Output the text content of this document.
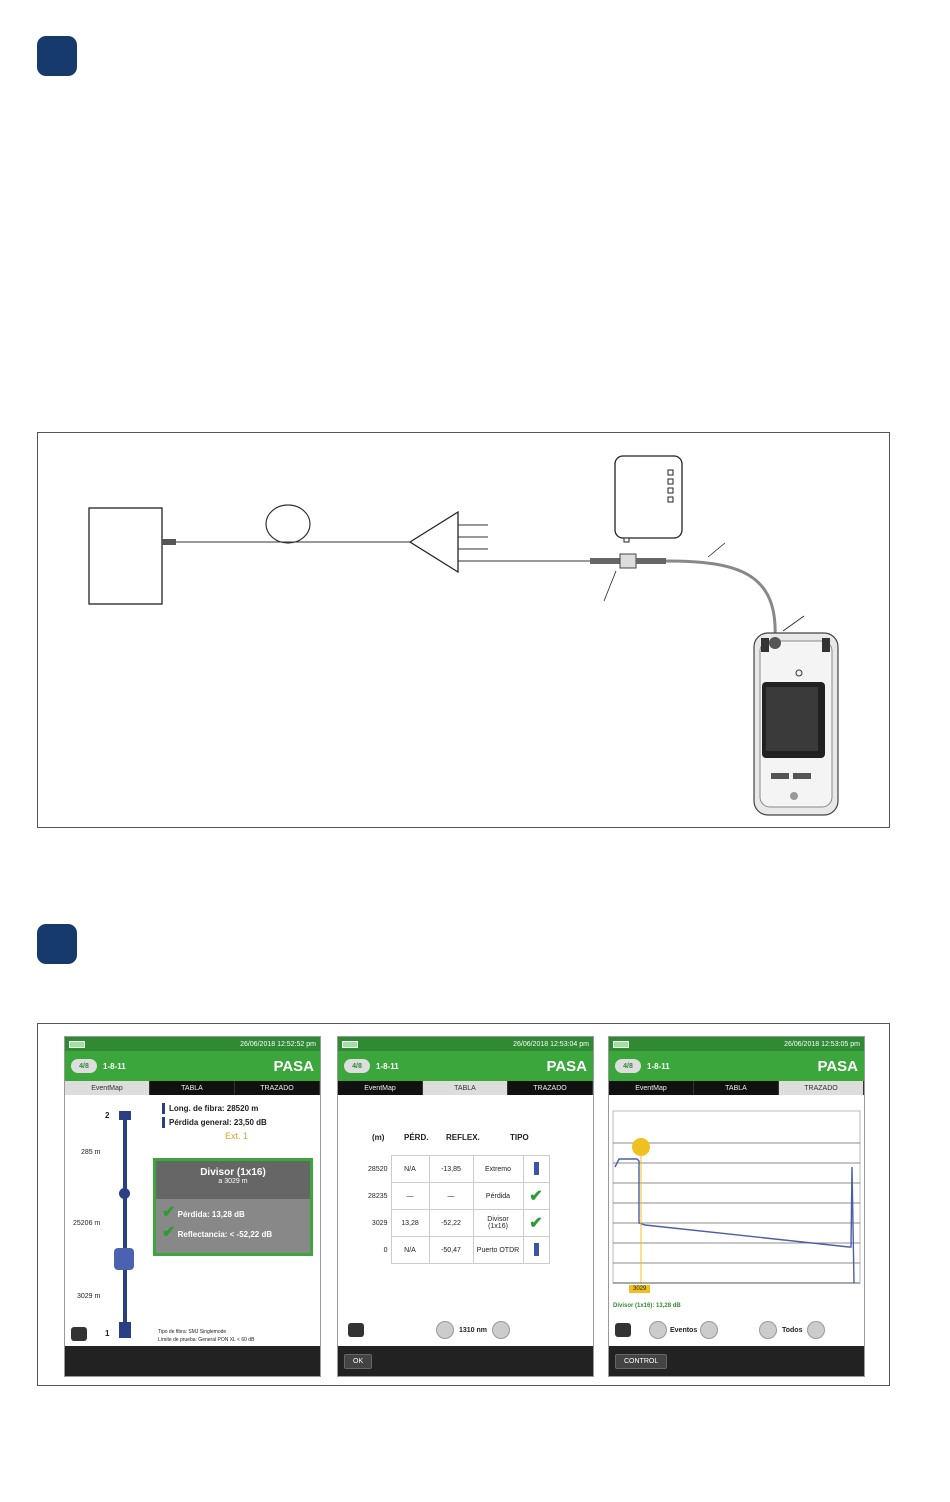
26/06/2018 12:52:52 pm
4/8	1-8-11	PASA
EventMap	TABLA	TRAZADO
2
285 m
25206 m
3029 m
1
Long. de fibra: 28520 m
Pérdida general: 23,50 dB
Ext. 1
Divisor (1x16)
a 3029 m
✔ Pérdida: 13,28 dB
✔ Reflectancia: < -52,22 dB
Tipo de fibra: SMJ Singlemode
Límite de prueba: General PON XL < 60 dB
26/06/2018 12:53:04 pm
4/8	1-8-11	PASA
EventMap	TABLA	TRAZADO
(m) PÉRD. REFLEX.	TIPO
28520	N/A	-13,85	Extremo	
28235	—	—	Pérdida	✔
3029	13,28	-52,22	Divisor (1x16)	✔
0	N/A	-50,47	Puerto OTDR	
1310 nm
OK
26/06/2018 12:53:05 pm
4/8	1-8-11	PASA
EventMap	TABLA	TRAZADO
3029
Divisor (1x16): 13,28 dB
Eventos	Todos
CONTROL
